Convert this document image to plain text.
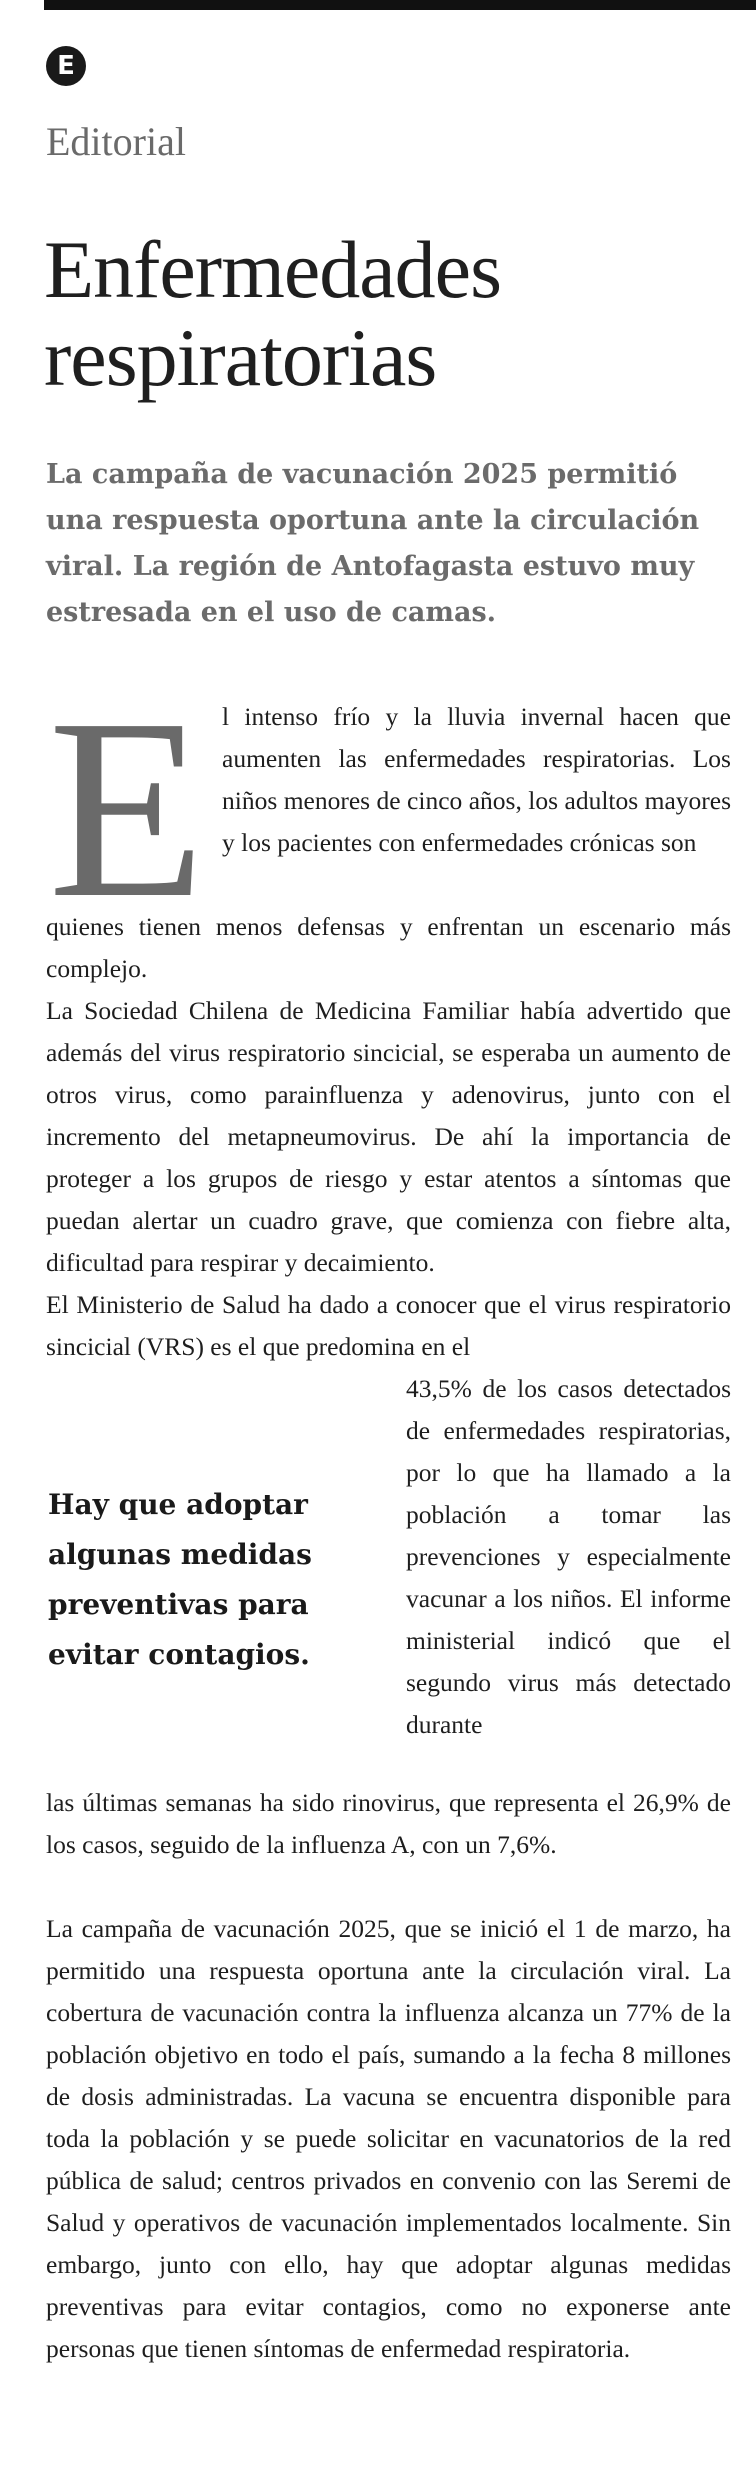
E
Editorial
Enfermedades respiratorias
La campaña de vacunación 2025 permitió una respuesta oportuna ante la circulación viral. La región de Antofagasta estuvo muy estresada en el uso de camas.
E l intenso frío y la lluvia invernal hacen que aumenten las enfermedades respiratorias. Los niños menores de cinco años, los adultos mayores y los pacientes con enfermedades crónicas son

quienes tienen menos defensas y enfrentan un escenario más complejo.

La Sociedad Chilena de Medicina Familiar había advertido que además del virus respiratorio sincicial, se esperaba un aumento de otros virus, como parainfluenza y adenovirus, junto con el incremento del metapneumovirus. De ahí la importancia de proteger a los grupos de riesgo y estar atentos a síntomas que puedan alertar un cuadro grave, que comienza con fiebre alta, dificultad para respirar y decaimiento.

El Ministerio de Salud ha dado a conocer que el virus respiratorio sincicial (VRS) es el que predomina en el

43,5% de los casos detectados de enfermedades respiratorias, por lo que ha llamado a la población a tomar las prevenciones y especialmente vacunar a los niños. El informe ministerial indicó que el segundo virus más detectado durante

Hay que adoptar algunas medidas preventivas para evitar contagios.

las últimas semanas ha sido rinovirus, que representa el 26,9% de los casos, seguido de la influenza A, con un 7,6%.

La campaña de vacunación 2025, que se inició el 1 de marzo, ha permitido una respuesta oportuna ante la circulación viral. La cobertura de vacunación contra la influenza alcanza un 77% de la población objetivo en todo el país, sumando a la fecha 8 millones de dosis administradas. La vacuna se encuentra disponible para toda la población y se puede solicitar en vacunatorios de la red pública de salud; centros privados en convenio con las Seremi de Salud y operativos de vacunación implementados localmente. Sin embargo, junto con ello, hay que adoptar algunas medidas preventivas para evitar contagios, como no exponerse ante personas que tienen síntomas de enfermedad respiratoria.
